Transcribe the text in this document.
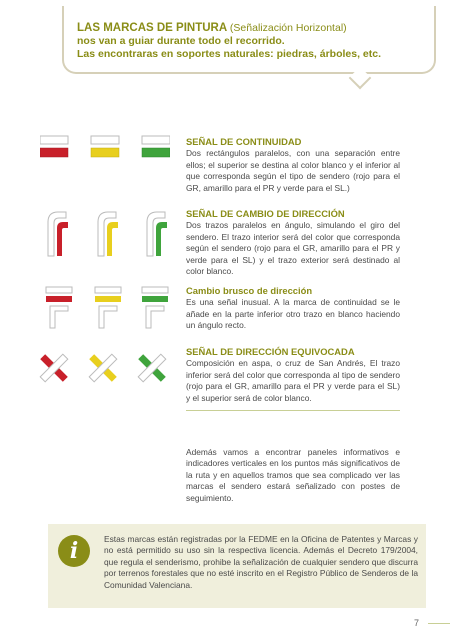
LAS MARCAS DE PINTURA (Señalización Horizontal)
nos van a guiar durante todo el recorrido.
Las encontraras en soportes naturales: piedras, árboles, etc.
SEÑAL DE CONTINUIDAD
Dos rectángulos paralelos, con una separación entre ellos; el superior se destina al color blanco y el inferior al que corresponda según el tipo de sendero (rojo para el GR, amarillo para el PR y verde para el SL.)
SEÑAL DE CAMBIO DE DIRECCIÓN
Dos trazos paralelos en ángulo, simulando el giro del sendero. El trazo interior será del color que corresponda según el sendero (rojo para el GR, amarillo para el PR y verde para el SL) y el trazo exterior será destinado al color blanco.
Cambio brusco de dirección
Es una señal inusual. A la marca de continuidad se le añade en la parte inferior otro trazo en blanco haciendo un ángulo recto.
SEÑAL DE DIRECCIÓN EQUIVOCADA
Composición en aspa, o cruz de San Andrés, El trazo inferior será del color que corresponda al tipo de sendero (rojo para el GR, amarillo para el PR y verde para el SL) y el superior será de color blanco.
Además vamos a encontrar paneles informativos e indicadores verticales en los puntos más significativos de la ruta y en aquellos tramos que sea complicado ver las marcas el sendero estará señalizado con postes de seguimiento.
i	Estas marcas están registradas por la FEDME en la Oficina de Patentes y Marcas y no está permitido su uso sin la respectiva licencia. Además el Decreto 179/2004, que regula el senderismo, prohibe la señalización de cualquier sendero que discurra por terrenos forestales que no esté inscrito en el Registro Público de Senderos de la Comunidad Valenciana.
7
